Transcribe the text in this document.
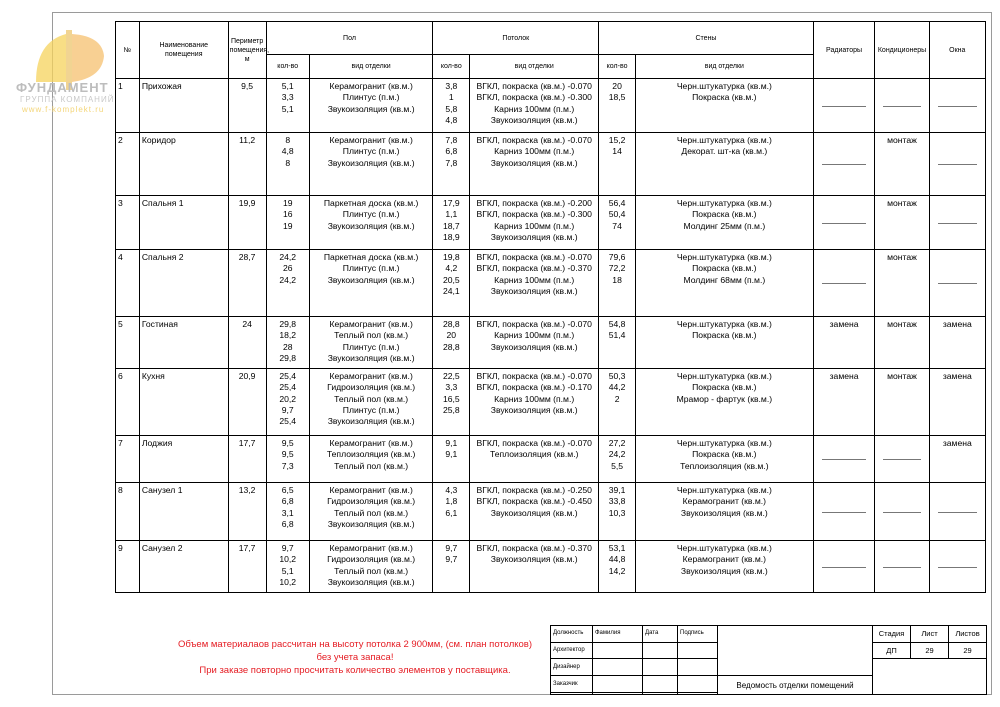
ФУНДАМЕНТ
ГРУППА КОМПАНИЙ
www.f-komplekt.ru
№	Наименование помещения	Периметр помещения, м	Пол		Потолок		Стены		Радиаторы	Кондиционеры	Окна
			кол-во	вид отделки	кол-во	вид отделки	кол-во	вид отделки			
1	Прихожая	9,5	5,1
3,3
5,1	Керамогранит (кв.м.)
Плинтус (п.м.)
Звукоизоляция (кв.м.)	3,8
1
5,8
4,8	ВГКЛ, покраска (кв.м.) -0.070
ВГКЛ, покраска (кв.м.) -0.300
Карниз 100мм (п.м.)
Звукоизоляция (кв.м.)	20
18,5	Черн.штукатурка (кв.м.)
Покраска (кв.м.)			

2	Коридор	11,2	8
4,8
8	Керамогранит (кв.м.)
Плинтус (п.м.)
Звукоизоляция (кв.м.)	7,8
6,8
7,8	ВГКЛ, покраска (кв.м.) -0.070
Карниз 100мм (п.м.)
Звукоизоляция (кв.м.)	15,2
14	Черн.штукатурка (кв.м.)
Декорат. шт-ка (кв.м.)		монтаж	
3	Спальня 1	19,9	19
16
19	Паркетная доска (кв.м.)
Плинтус (п.м.)
Звукоизоляция (кв.м.)	17,9
1,1
18,7
18,9	ВГКЛ, покраска (кв.м.) -0.200
ВГКЛ, покраска (кв.м.) -0.300
Карниз 100мм (п.м.)
Звукоизоляция (кв.м.)	56,4
50,4
74	Черн.штукатурка (кв.м.)
Покраска (кв.м.)
Молдинг 25мм (п.м.)		монтаж	
4	Спальня 2	28,7	24,2
26
24,2	Паркетная доска (кв.м.)
Плинтус (п.м.)
Звукоизоляция (кв.м.)	19,8
4,2
20,5
24,1	ВГКЛ, покраска (кв.м.) -0.070
ВГКЛ, покраска (кв.м.) -0.370
Карниз 100мм (п.м.)
Звукоизоляция (кв.м.)	79,6
72,2
18	Черн.штукатурка (кв.м.)
Покраска (кв.м.)
Молдинг 68мм (п.м.)		монтаж	
5	Гостиная	24	29,8
18,2
28
29,8	Керамогранит (кв.м.)
Теплый пол (кв.м.)
Плинтус (п.м.)
Звукоизоляция (кв.м.)	28,8
20
28,8	ВГКЛ, покраска (кв.м.) -0.070
Карниз 100мм (п.м.)
Звукоизоляция (кв.м.)	54,8
51,4	Черн.штукатурка (кв.м.)
Покраска (кв.м.)	замена	монтаж	замена
6	Кухня	20,9	25,4
25,4
20,2
9,7
25,4	Керамогранит (кв.м.)
Гидроизоляция (кв.м.)
Теплый пол (кв.м.)
Плинтус (п.м.)
Звукоизоляция (кв.м.)	22,5
3,3
16,5
25,8	ВГКЛ, покраска (кв.м.) -0.070
ВГКЛ, покраска (кв.м.) -0.170
Карниз 100мм (п.м.)
Звукоизоляция (кв.м.)	50,3
44,2
2	Черн.штукатурка (кв.м.)
Покраска (кв.м.)
Мрамор - фартук (кв.м.)	замена	монтаж	замена
7	Лоджия	17,7	9,5
9,5
7,3	Керамогранит (кв.м.)
Теплоизоляция (кв.м.)
Теплый пол (кв.м.)	9,1
9,1	ВГКЛ, покраска (кв.м.) -0.070
Теплоизоляция (кв.м.)	27,2
24,2
5,5	Черн.штукатурка (кв.м.)
Покраска (кв.м.)
Теплоизоляция (кв.м.)			замена
8	Санузел 1	13,2	6,5
6,8
3,1
6,8	Керамогранит (кв.м.)
Гидроизоляция (кв.м.)
Теплый пол (кв.м.)
Звукоизоляция (кв.м.)	4,3
1,8
6,1	ВГКЛ, покраска (кв.м.) -0.250
ВГКЛ, покраска (кв.м.) -0.450
Звукоизоляция (кв.м.)	39,1
33,8
10,3	Черн.штукатурка (кв.м.)
Керамогранит (кв.м.)
Звукоизоляция (кв.м.)			

9	Санузел 2	17,7	9,7
10,2
5,1
10,2	Керамогранит (кв.м.)
Гидроизоляция (кв.м.)
Теплый пол (кв.м.)
Звукоизоляция (кв.м.)	9,7
9,7	ВГКЛ, покраска (кв.м.) -0.370
Звукоизоляция (кв.м.)	53,1
44,8
14,2	Черн.штукатурка (кв.м.)
Керамогранит (кв.м.)
Звукоизоляция (кв.м.)			

Объем материалаов рассчитан на высоту потолка 2 900мм, (см. план потолков)
без учета запаса!
При заказе повторно просчитать количество элементов у поставщика.
Должность	Фамилия	Дата	Подпись		Стадия	Лист	Листов
Архитектор					ДП	29	29
Дизайнер							
Заказчик				Ведомость отделки помещений			
